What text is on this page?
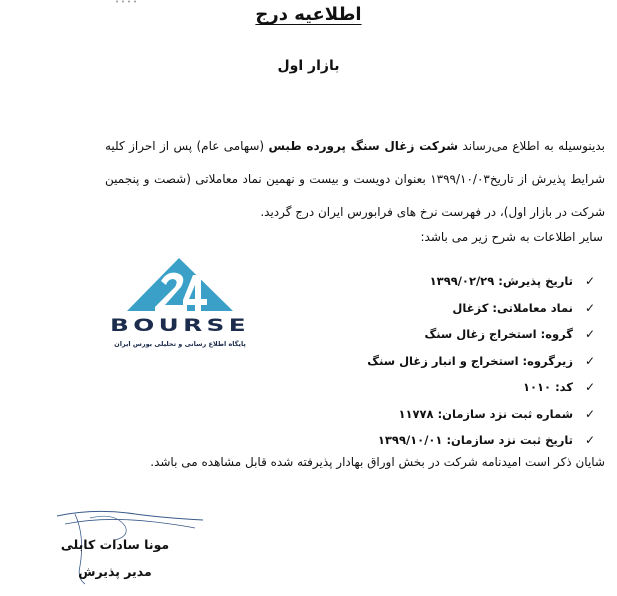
اطلاعیه درج
بازار اول

بدینوسیله به اطلاع می‌رساند شرکت زغال سنگ پرورده طبس (سهامی عام) پس از احراز کلیه شرایط پذیرش از تاریخ۱۳۹۹/۱۰/۰۳ بعنوان دویست و بیست و نهمین نماد معاملاتی (شصت و پنجمین شرکت در بازار اول)، در فهرست نرخ های فرابورس ایران درج گردید.

سایر اطلاعات به شرح زیر می باشد:

✓
تاریخ پذیرش: ۱۳۹۹/۰۲/۲۹
✓
نماد معاملاتی: کزغال
✓
گروه: استخراج زغال سنگ
✓
زیرگروه: استخراج و انبار زغال سنگ
✓
کد: ۱۰۱۰
✓
شماره ثبت نزد سازمان: ۱۱۷۷۸
✓
تاریخ ثبت نزد سازمان: ۱۳۹۹/۱۰/۰۱
BOURSE
پایگاه اطلاع رسانی و تحلیلی بورس ایران

شایان ذکر است امیدنامه شرکت در بخش اوراق بهادار پذیرفته شده قابل مشاهده می باشد.

مونا سادات کابلی

مدیر پذیرش
